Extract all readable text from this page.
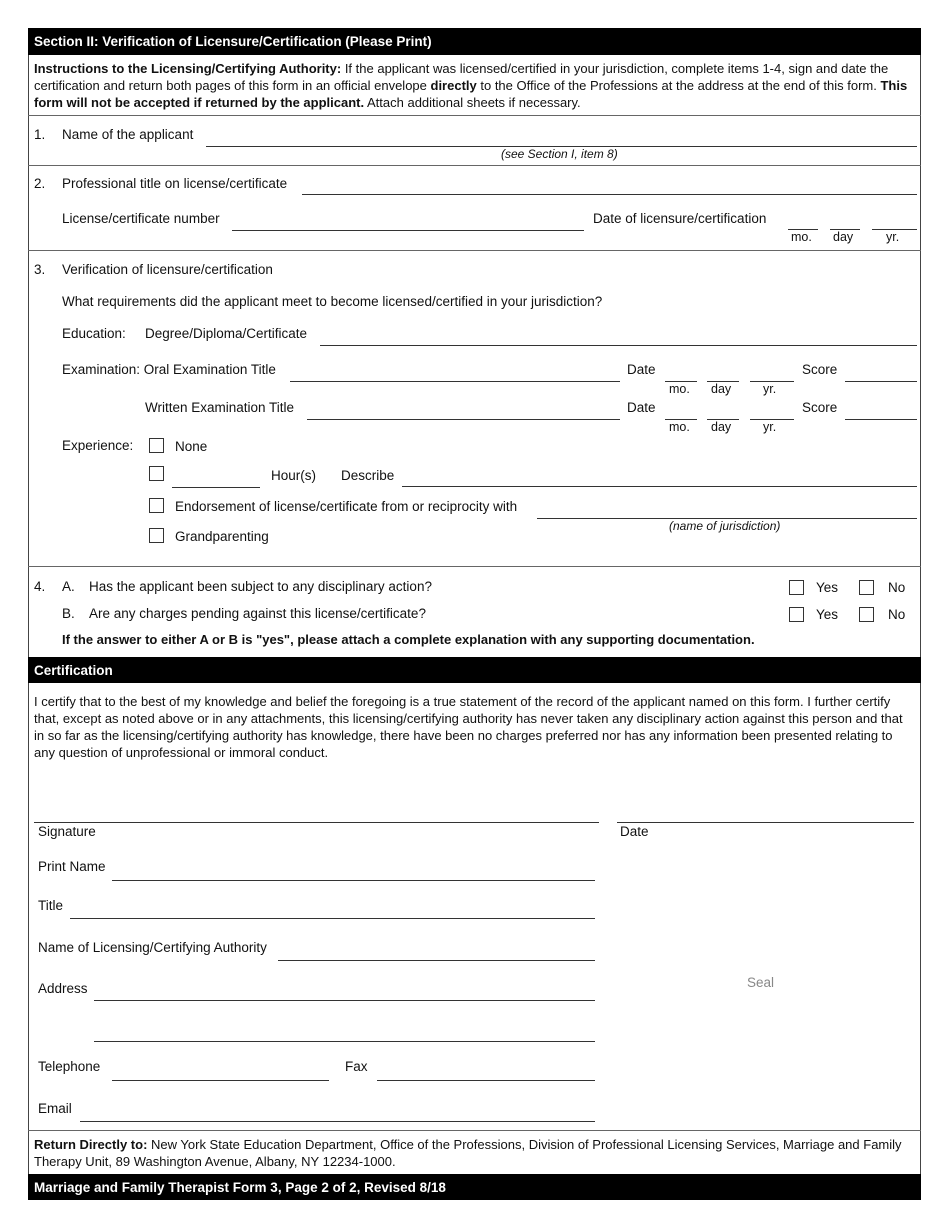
Section II: Verification of Licensure/Certification (Please Print)
Instructions to the Licensing/Certifying Authority: If the applicant was licensed/certified in your jurisdiction, complete items 1-4, sign and date the certification and return both pages of this form in an official envelope directly to the Office of the Professions at the address at the end of this form. This form will not be accepted if returned by the applicant. Attach additional sheets if necessary.
1. Name of the applicant
(see Section I, item 8)
2. Professional title on license/certificate
License/certificate number	Date of licensure/certification
mo. day	yr.
3. Verification of licensure/certification
What requirements did the applicant meet to become licensed/certified in your jurisdiction?
Education: Degree/Diploma/Certificate
Examination: Oral Examination Title	Date
mo. day	yr.
Score
Written Examination Title	Date
mo. day	yr.
Score
Experience:	None
Hour(s) Describe
Endorsement of license/certificate from or reciprocity with
(name of jurisdiction)
Grandparenting
4. A. Has the applicant been subject to any disciplinary action?	Yes	No
B. Are any charges pending against this license/certificate?	Yes	No
If the answer to either A or B is "yes", please attach a complete explanation with any supporting documentation.
Certification
I certify that to the best of my knowledge and belief the foregoing is a true statement of the record of the applicant named on this form. I further certify that, except as noted above or in any attachments, this licensing/certifying authority has never taken any disciplinary action against this person and that in so far as the licensing/certifying authority has knowledge, there have been no charges preferred nor has any information been presented relating to any question of unprofessional or immoral conduct.
Signature	Date
Print Name
Title
Name of Licensing/Certifying Authority
Address	Seal
Telephone	Fax
Email
Return Directly to: New York State Education Department, Office of the Professions, Division of Professional Licensing Services, Marriage and Family Therapy Unit, 89 Washington Avenue, Albany, NY 12234-1000.
Marriage and Family Therapist Form 3, Page 2 of 2, Revised 8/18
